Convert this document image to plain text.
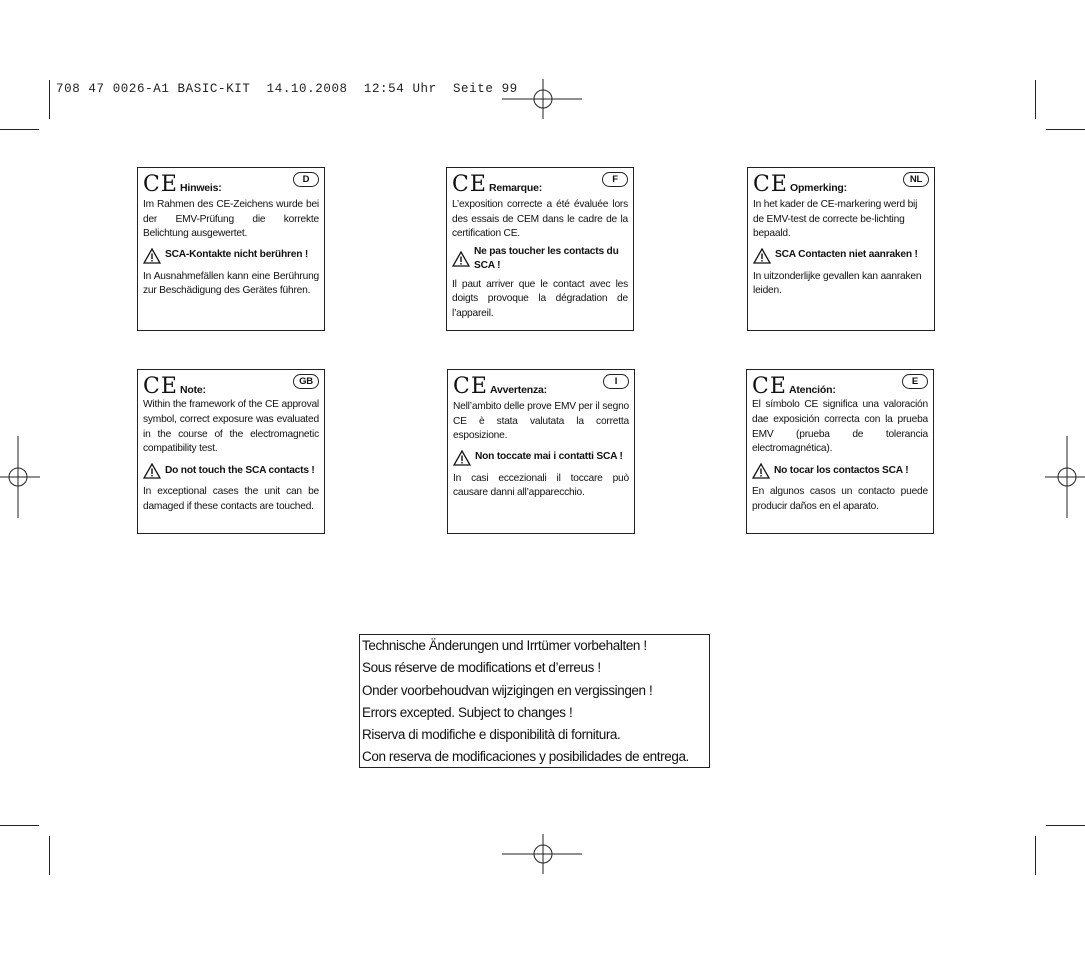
708 47 0026-A1 BASIC-KIT  14.10.2008  12:54 Uhr  Seite 99
CE Hinweis:
D

Im Rahmen des CE-Zeichens wurde bei der EMV-Prüfung die korrekte Belichtung ausgewertet.

SCA-Kontakte nicht berühren !

In Ausnahmefällen kann eine Berührung zur Beschädigung des Gerätes führen.

CE Remarque:
F

L’exposition correcte a été évaluée lors des essais de CEM dans le cadre de la certification CE.

Ne pas toucher les contacts du SCA !

Il paut arriver que le contact avec les doigts provoque la dégradation de l’appareil.

CE Opmerking:
NL

In het kader de CE-markering werd bij de EMV-test de correcte be-lichting bepaald.

SCA Contacten niet aanraken !

In uitzonderlijke gevallen kan aanraken leiden.

CE Note:
GB

Within the framework of the CE approval symbol, correct exposure was evaluated in the course of the electromagnetic compatibility test.

Do not touch the SCA contacts !

In exceptional cases the unit can be damaged if these contacts are touched.

CE Avvertenza:
I

Nell’ambito delle prove EMV per il segno CE è stata valutata la corretta esposizione.

Non toccate mai i contatti SCA !

In casi eccezionali il toccare può causare danni all’apparecchio.

CE Atención:
E

El símbolo CE significa una valoración dae exposición correcta con la prueba EMV (prueba de tolerancia electromagnética).

No tocar los contactos SCA !

En algunos casos un contacto puede producir daños en el aparato.

Technische Änderungen und Irrtümer vorbehalten !
Sous réserve de modifications et d’erreus !
Onder voorbehoudvan wijzigingen en vergissingen !
Errors excepted. Subject to changes !
Riserva di modifiche e disponibilità di fornitura.
Con reserva de modificaciones y posibilidades de entrega.
